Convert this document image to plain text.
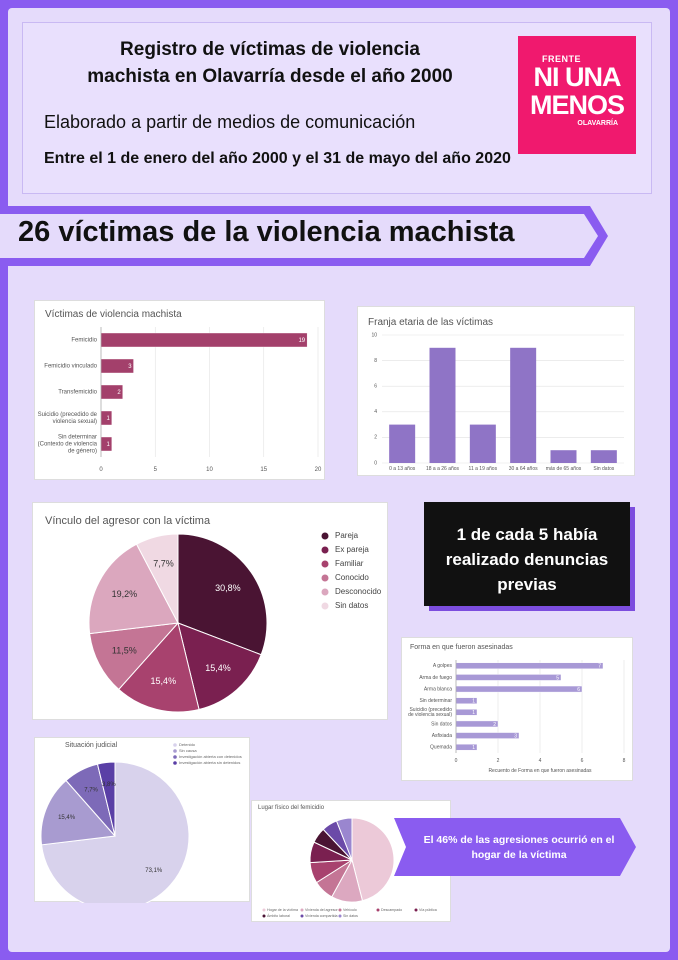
Registro de víctimas de violencia
machista en Olavarría desde el año 2000
Elaborado a partir de medios de comunicación
Entre el 1 de enero del año 2000 y el 31 de mayo del año 2020
FRENTE
NI UNA
MENOS
OLAVARRÍA
26 víctimas de la violencia machista
Víctimas de violencia machista
0	5	10	15	20
19
Femicidio
3
Femicidio vinculado
2
Transfemicidio
1
Suicidio (precedido de
violencia sexual)
1
Sin determinar
(Contexto de violencia
de género)
Franja etaria de las víctimas
0
2
4
6
8
10
0 a 13 años 18 a a 26 años 11 a 19 años 30 a 64 años más de 65 años Sin datos
Vínculo del agresor con la víctima
30,8%
15,4%
15,4%
11,5%
19,2%
7,7%
Pareja
Ex pareja
Familiar
Conocido
Desconocido
Sin datos
1 de cada 5 había
realizado denuncias
previas
Forma en que fueron asesinadas
0	2	4	6	8
7
A golpes
5
Arma de fuego
6
Arma blanca
1
Sin determinar
1
Suicidio (precedido
de violencia sexual)
2
Sin datos
3
Asfixiada
1
Quemada
Recuento de Forma en que fueron asesinadas
Situación judicial
73,1%
15,4%
7,7%
3,8%
Detenido
Sin causa
Investigación abierta con detenidos
Investigación abierta sin detenidos
Lugar físico del femicidio
Hogar de la víctima Vivienda del agresor Vehículo	Descampado	Vía pública
Ámbito laboral	Vivienda compartida Sin datos
El 46% de las agresiones ocurrió en el
hogar de la víctima
